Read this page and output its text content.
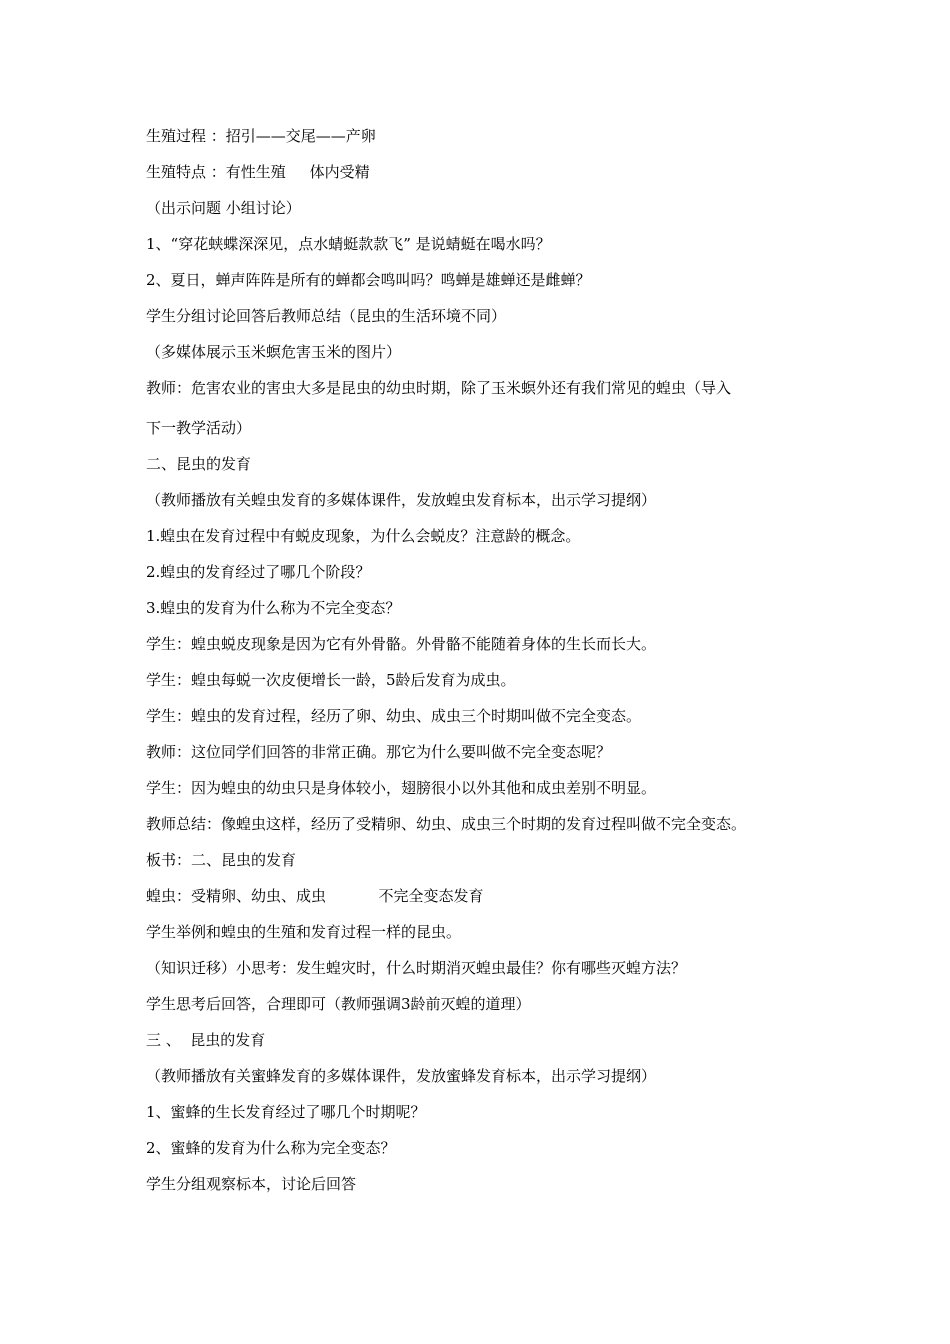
生殖过程 ：招引——交尾——产卵
生殖特点 ：有性生殖     体内受精
（出示问题 小组讨论）
1、“穿花蛱蝶深深见，点水蜻蜓款款飞” 是说蜻蜓在喝水吗？
2、夏日，蝉声阵阵是所有的蝉都会鸣叫吗？鸣蝉是雄蝉还是雌蝉？
学生分组讨论回答后教师总结（昆虫的生活环境不同）
（多媒体展示玉米螟危害玉米的图片）
教师：危害农业的害虫大多是昆虫的幼虫时期，除了玉米螟外还有我们常见的蝗虫（导入
下一教学活动）
二、昆虫的发育
（教师播放有关蝗虫发育的多媒体课件，发放蝗虫发育标本，出示学习提纲）
1.蝗虫在发育过程中有蜕皮现象，为什么会蜕皮？注意龄的概念。
2.蝗虫的发育经过了哪几个阶段？
3.蝗虫的发育为什么称为不完全变态？
学生：蝗虫蜕皮现象是因为它有外骨骼。外骨骼不能随着身体的生长而长大。
学生：蝗虫每蜕一次皮便增长一龄，5龄后发育为成虫。
学生：蝗虫的发育过程，经历了卵、幼虫、成虫三个时期叫做不完全变态。
教师：这位同学们回答的非常正确。那它为什么要叫做不完全变态呢？
学生：因为蝗虫的幼虫只是身体较小，翅膀很小以外其他和成虫差别不明显。
教师总结：像蝗虫这样，经历了受精卵、幼虫、成虫三个时期的发育过程叫做不完全变态。
板书：二、昆虫的发育
蝗虫：受精卵、幼虫、成虫           不完全变态发育
学生举例和蝗虫的生殖和发育过程一样的昆虫。
（知识迁移）小思考：发生蝗灾时，什么时期消灭蝗虫最佳？你有哪些灭蝗方法？
学生思考后回答，合理即可（教师强调3龄前灭蝗的道理）
三 、  昆虫的发育
（教师播放有关蜜蜂发育的多媒体课件，发放蜜蜂发育标本，出示学习提纲）
1、蜜蜂的生长发育经过了哪几个时期呢？
2、蜜蜂的发育为什么称为完全变态？
学生分组观察标本，讨论后回答
